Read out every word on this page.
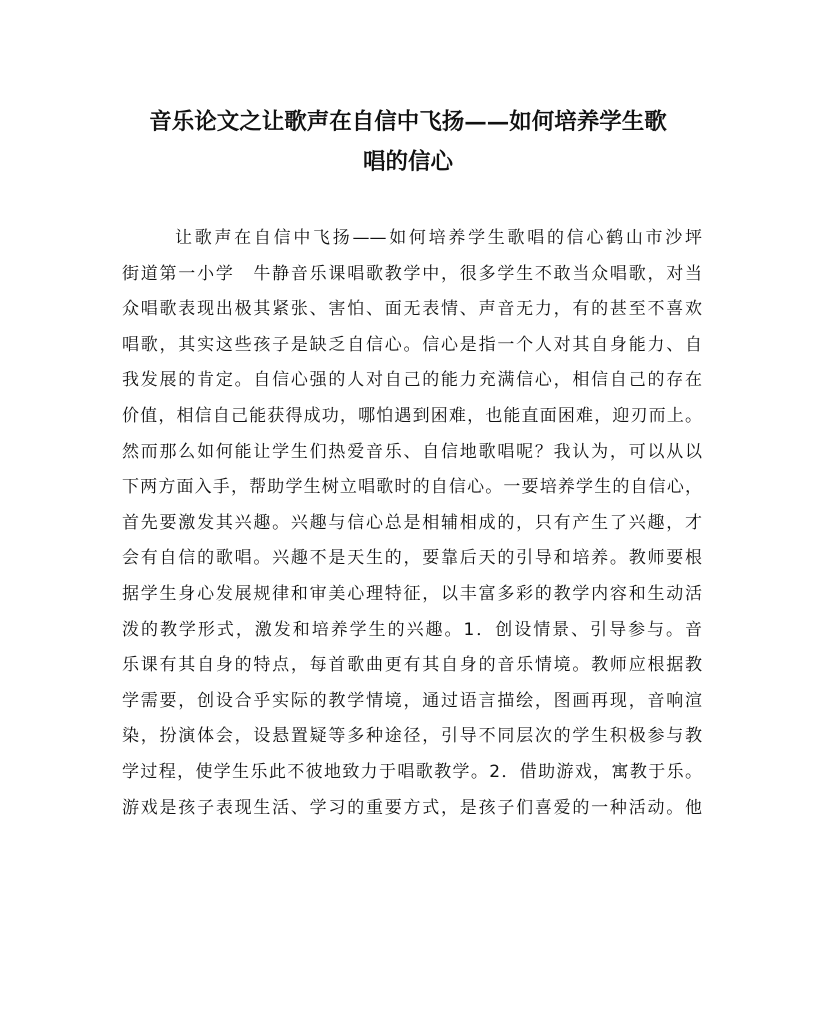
音乐论文之让歌声在自信中飞扬——如何培养学生歌
唱的信心
让歌声在自信中飞扬——如何培养学生歌唱的信心鹤山市沙坪
街道第一小学　牛静音乐课唱歌教学中，很多学生不敢当众唱歌，对当
众唱歌表现出极其紧张、害怕、面无表情、声音无力，有的甚至不喜欢
唱歌，其实这些孩子是缺乏自信心。信心是指一个人对其自身能力、自
我发展的肯定。自信心强的人对自己的能力充满信心，相信自己的存在
价值，相信自己能获得成功，哪怕遇到困难，也能直面困难，迎刃而上。
然而那么如何能让学生们热爱音乐、自信地歌唱呢？我认为，可以从以
下两方面入手，帮助学生树立唱歌时的自信心。一要培养学生的自信心，
首先要激发其兴趣。兴趣与信心总是相辅相成的，只有产生了兴趣，才
会有自信的歌唱。兴趣不是天生的，要靠后天的引导和培养。教师要根
据学生身心发展规律和审美心理特征，以丰富多彩的教学内容和生动活
泼的教学形式，激发和培养学生的兴趣。1．创设情景、引导参与。音
乐课有其自身的特点，每首歌曲更有其自身的音乐情境。教师应根据教
学需要，创设合乎实际的教学情境，通过语言描绘，图画再现，音响渲
染，扮演体会，设悬置疑等多种途径，引导不同层次的学生积极参与教
学过程，使学生乐此不彼地致力于唱歌教学。2．借助游戏，寓教于乐。
游戏是孩子表现生活、学习的重要方式，是孩子们喜爱的一种活动。他
